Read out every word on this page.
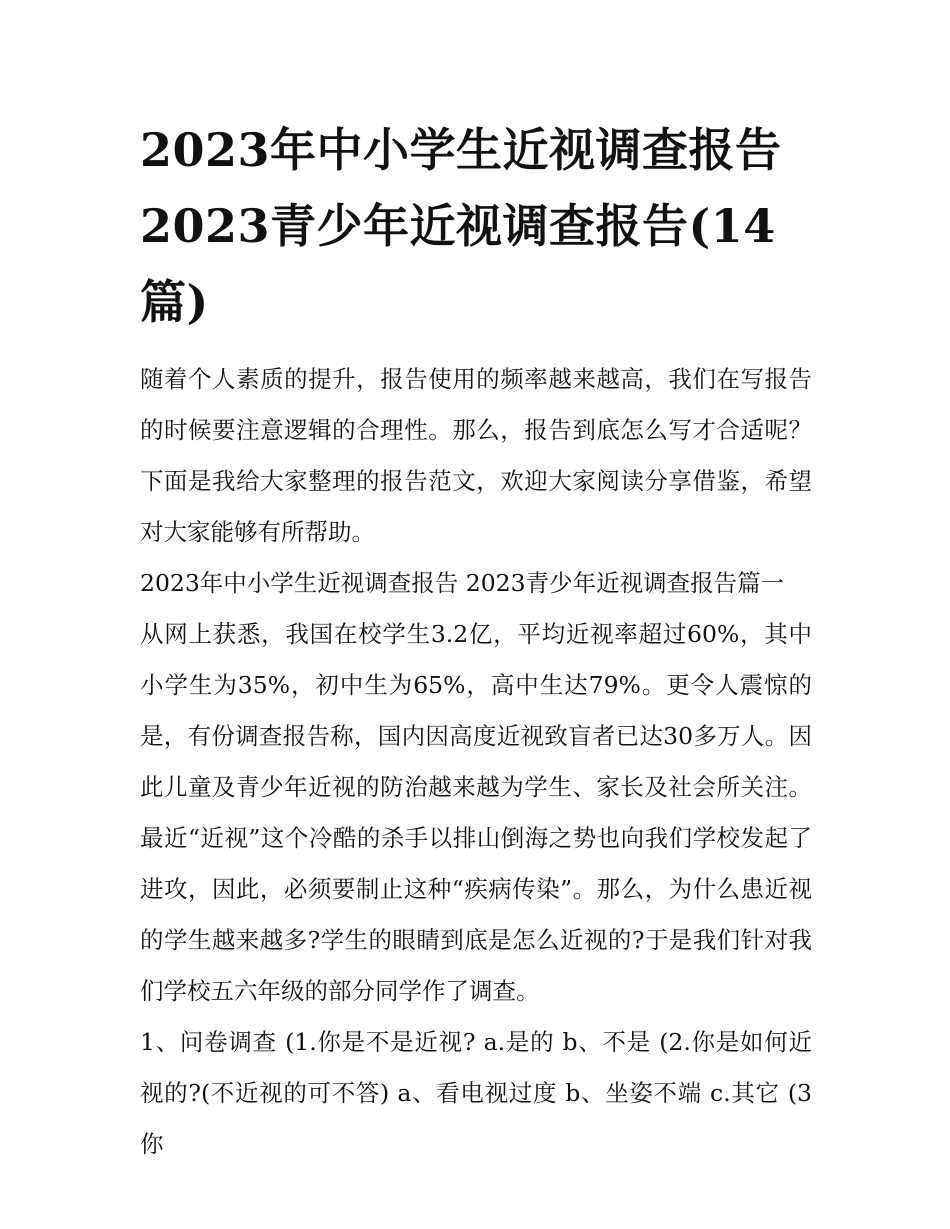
2023年中小学生近视调查报告
2023青少年近视调查报告(14
篇)

随着个人素质的提升，报告使用的频率越来越高，我们在写报告的时候要注意逻辑的合理性。那么，报告到底怎么写才合适呢？下面是我给大家整理的报告范文，欢迎大家阅读分享借鉴，希望对大家能够有所帮助。

2023年中小学生近视调查报告 2023青少年近视调查报告篇一

从网上获悉，我国在校学生3.2亿，平均近视率超过60%，其中小学生为35%，初中生为65%，高中生达79%。更令人震惊的是，有份调查报告称，国内因高度近视致盲者已达30多万人。因此儿童及青少年近视的防治越来越为学生、家长及社会所关注。最近“近视”这个冷酷的杀手以排山倒海之势也向我们学校发起了进攻，因此，必须要制止这种“疾病传染”。那么，为什么患近视的学生越来越多?学生的眼睛到底是怎么近视的?于是我们针对我们学校五六年级的部分同学作了调查。

1、问卷调查 (1.你是不是近视? a.是的 b、不是 (2.你是如何近视的?(不近视的可不答) a、看电视过度 b、坐姿不端 c.其它 (3 你
